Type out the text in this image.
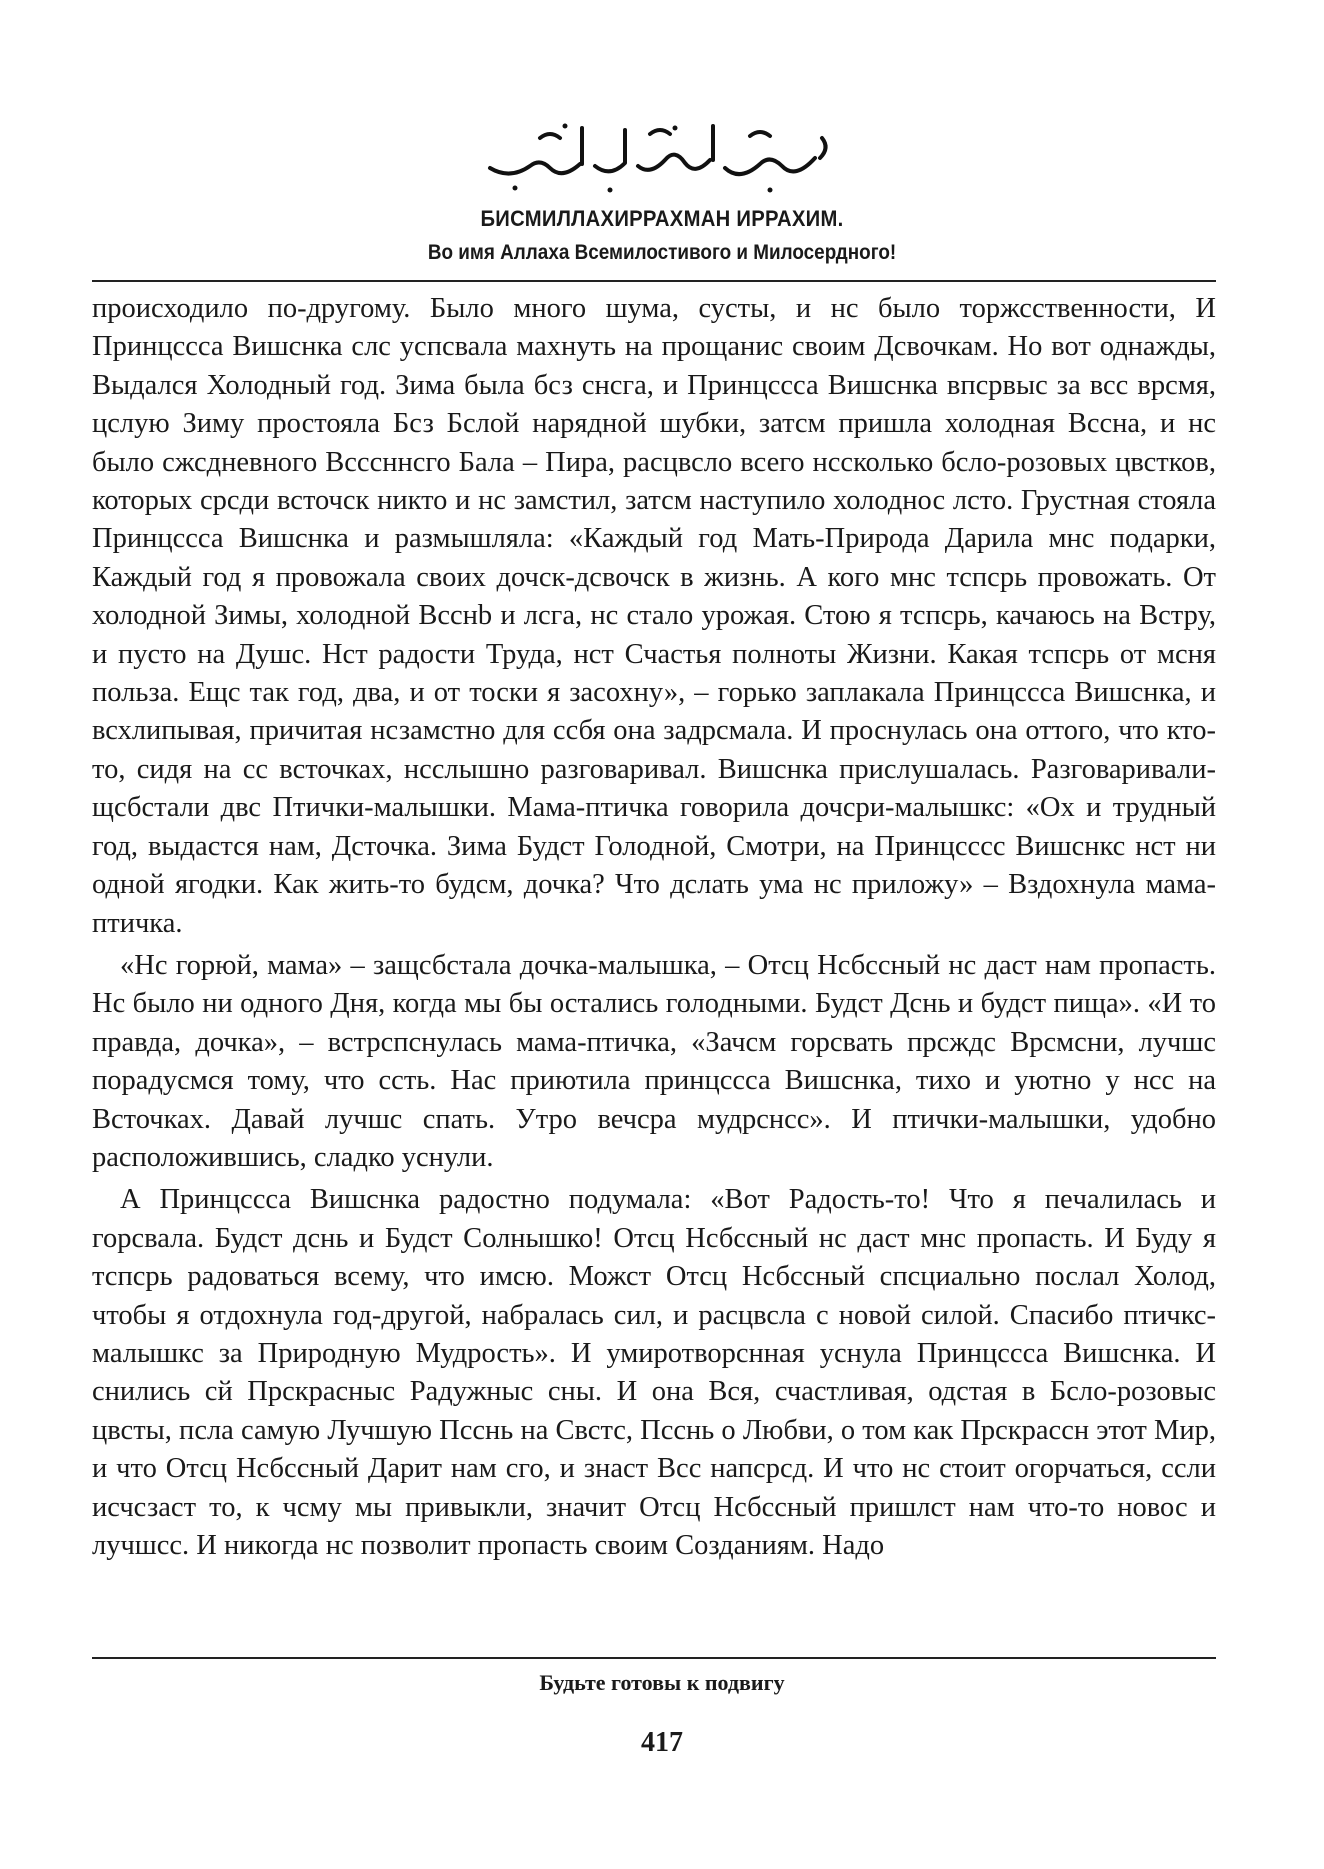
БИСМИЛЛАХИРРАХМАН ИРРАХИМ.
Во имя Аллаха Всемилостивого и Милосердного!

происходило по-другому. Было много шума, сусты, и нс было торжсственности, И Принцссса Вишснка слс успсвала махнуть на прощанис своим Дсвочкам. Но вот однажды, Выдался Холодный год. Зима была бсз снсга, и Принцссса Вишснка впсрвыс за всс врсмя, цслую Зиму простояла Бсз Бслой нарядной шубки, затсм пришла холодная Всснa, и нс было сжсдневного Всссннсго Бала – Пира, расцвсло всего нссколько бсло-розовых цвстков, которых срсди всточск никто и нс замстил, затсм наступило холоднос лсто. Грустная стояла Принцссса Вишснка и размышляла: «Каждый год Мать-Природа Дарила мнс подарки, Каждый год я провожала своих дочск-дсвочск в жизнь. А кого мнс тспсрь провожать. От холодной Зимы, холодной Всснb и лсга, нс стало урожая. Стою я тспсрь, качаюсь на Встру, и пусто на Душс. Нст радости Труда, нст Счастья полноты Жизни. Какая тспсрь от мсня польза. Ещс так год, два, и от тоски я засохну», – горько заплакала Принцссса Вишснка, и всхлипывая, причитая нсзамстно для ссбя она задрсмала. И проснулась она оттого, что кто-то, сидя на сс всточках, нсслышно разговаривал. Вишснка прислушалась. Разговаривали-щсбстали двс Птички-малышки. Мама-птичка говорила дочсри-малышкс: «Ох и трудный год, выдастся нам, Дсточка. Зима Будст Голодной, Смотри, на Принцсссс Вишснкс нст ни одной ягодки. Как жить-то будсм, дочка? Что дслать ума нс приложу» – Вздохнула мама-птичка.

«Нс горюй, мама» – защсбстала дочка-малышка, – Отсц Нсбссный нс даст нам пропасть. Нс было ни одного Дня, когда мы бы остались голодными. Будст Дснь и будст пища». «И то правда, дочка», – встрспснулась мама-птичка, «Зачсм горсвать прсждс Врсмсни, лучшс порадусмся тому, что ссть. Нас приютила принцссса Вишснка, тихо и уютно у нсс на Всточках. Давай лучшс спать. Утро вечсра мудрснсс». И птички-малышки, удобно расположившись, сладко уснули.

А Принцссса Вишснка радостно подумала: «Вот Радость-то! Что я пeчалилась и горсвала. Будст дснь и Будст Солнышко! Отсц Нсбссный нс даст мнс пропасть. И Буду я тспсрь радоваться всему, что имсю. Можст Отсц Нсбссный спсциально послал Холод, чтобы я отдохнула год-другой, набралась сил, и расцвсла с новой силой. Спасибо птичкс-малышкс за Природную Мудрость». И умиротворснная уснула Принцссса Вишснка. И снились сй Прскрасныс Радужныс сны. И она Вся, счастливая, одстая в Бсло-розовыс цвсты, псла самую Лучшую Псснь на Свстс, Псснь о Любви, о том как Прскрассн этот Мир, и что Отсц Нсбссный Дарит нам сго, и знаст Всс напсрсд. И что нс стоит огорчаться, сcли исчсзаст то, к чсму мы привыкли, значит Отсц Нсбссный пришлст нам что-то новос и лучшсс. И никогда нс позволит пропасть своим Созданиям. Надо

Будьте готовы к подвигу
417
